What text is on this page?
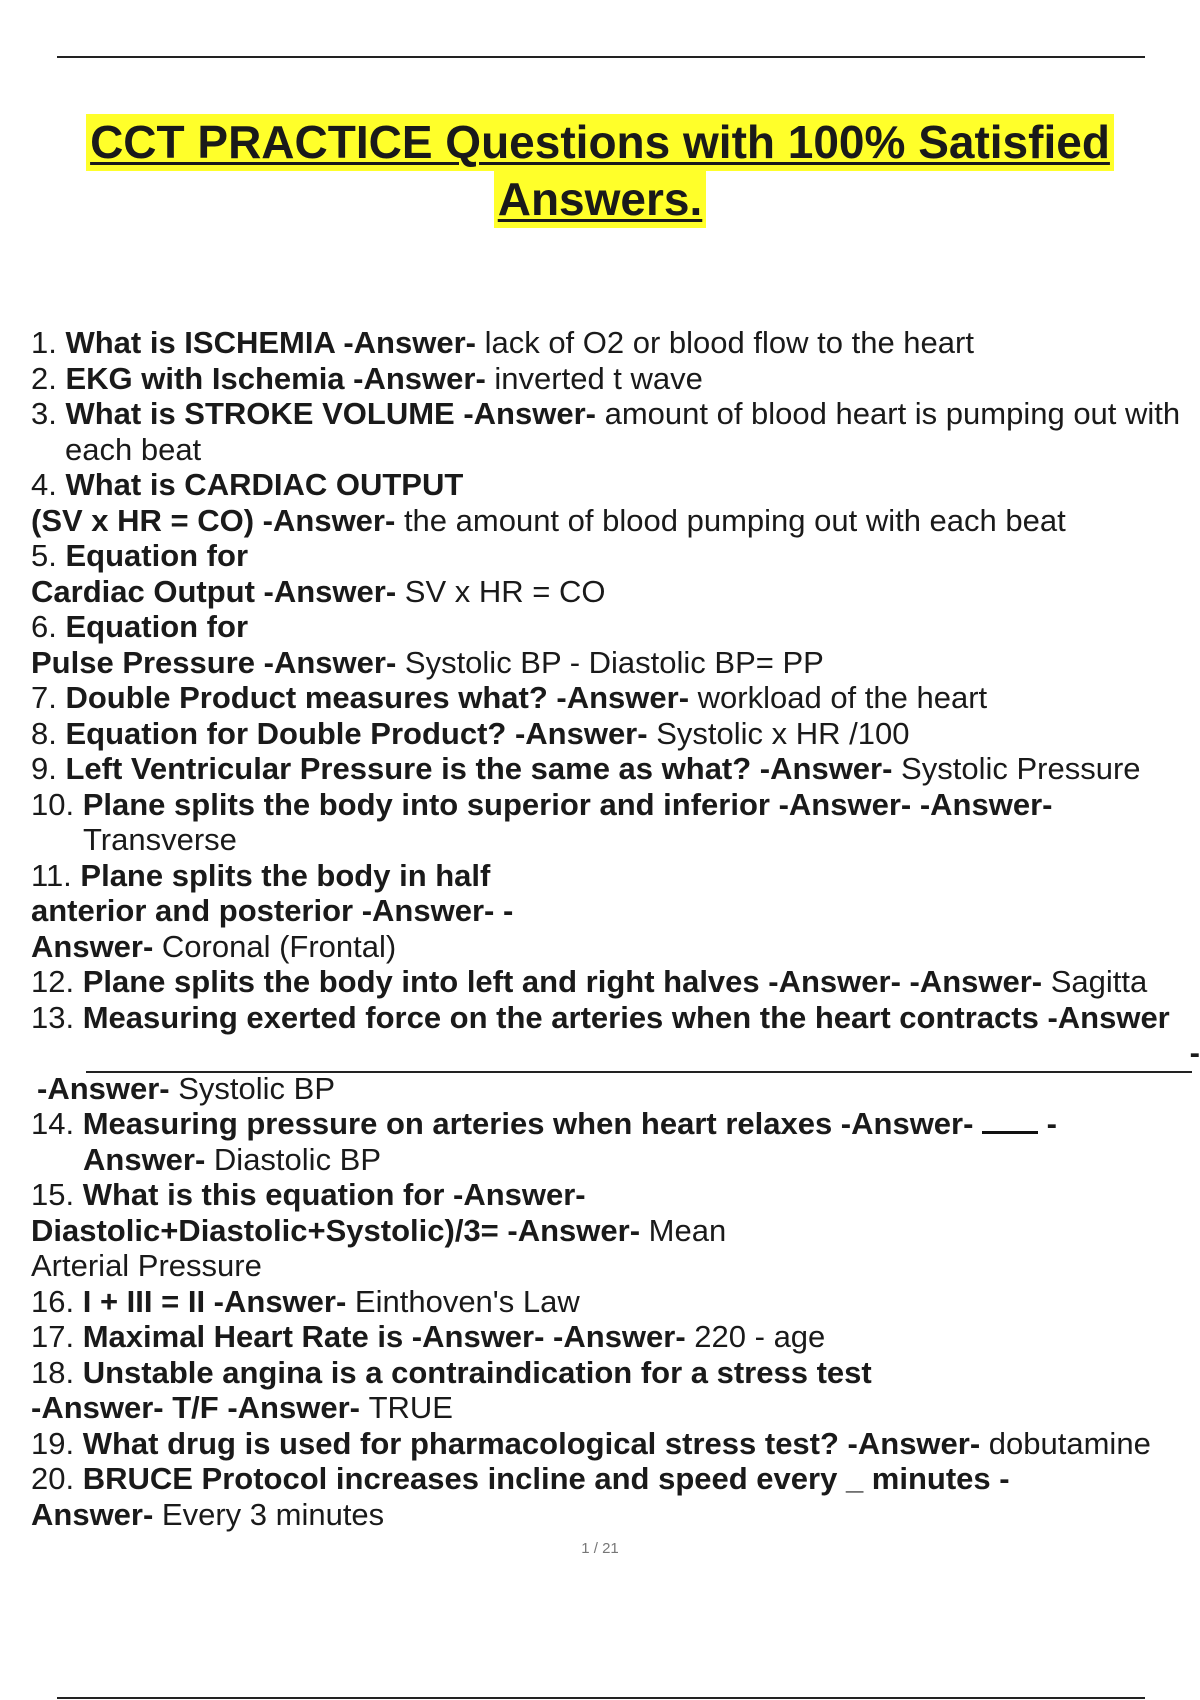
CCT PRACTICE Questions with 100% Satisfied
Answers.
1. What is ISCHEMIA -Answer- lack of O2 or blood flow to the heart
2. EKG with Ischemia -Answer- inverted t wave
3. What is STROKE VOLUME -Answer- amount of blood heart is pumping out with
each beat
4. What is CARDIAC OUTPUT
(SV x HR = CO) -Answer- the amount of blood pumping out with each beat
5. Equation for
Cardiac Output -Answer- SV x HR = CO
6. Equation for
Pulse Pressure -Answer- Systolic BP - Diastolic BP= PP
7. Double Product measures what? -Answer- workload of the heart
8. Equation for Double Product? -Answer- Systolic x HR /100
9. Left Ventricular Pressure is the same as what? -Answer- Systolic Pressure
10. Plane splits the body into superior and inferior -Answer- -Answer-
Transverse
11. Plane splits the body in half
anterior and posterior -Answer- -
Answer- Coronal (Frontal)
12. Plane splits the body into left and right halves -Answer- -Answer- Sagitta
13. Measuring exerted force on the arteries when the heart contracts -Answer
-
-Answer- Systolic BP
14. Measuring pressure on arteries when heart relaxes -Answer-  -
Answer- Diastolic BP
15. What is this equation for -Answer-
Diastolic+Diastolic+Systolic)/3= -Answer- Mean
Arterial Pressure
16. I + III = II -Answer- Einthoven's Law
17. Maximal Heart Rate is -Answer- -Answer- 220 - age
18. Unstable angina is a contraindication for a stress test
-Answer- T/F -Answer- TRUE
19. What drug is used for pharmacological stress test? -Answer- dobutamine
20. BRUCE Protocol increases incline and speed every _ minutes -
Answer- Every 3 minutes
1 / 21
